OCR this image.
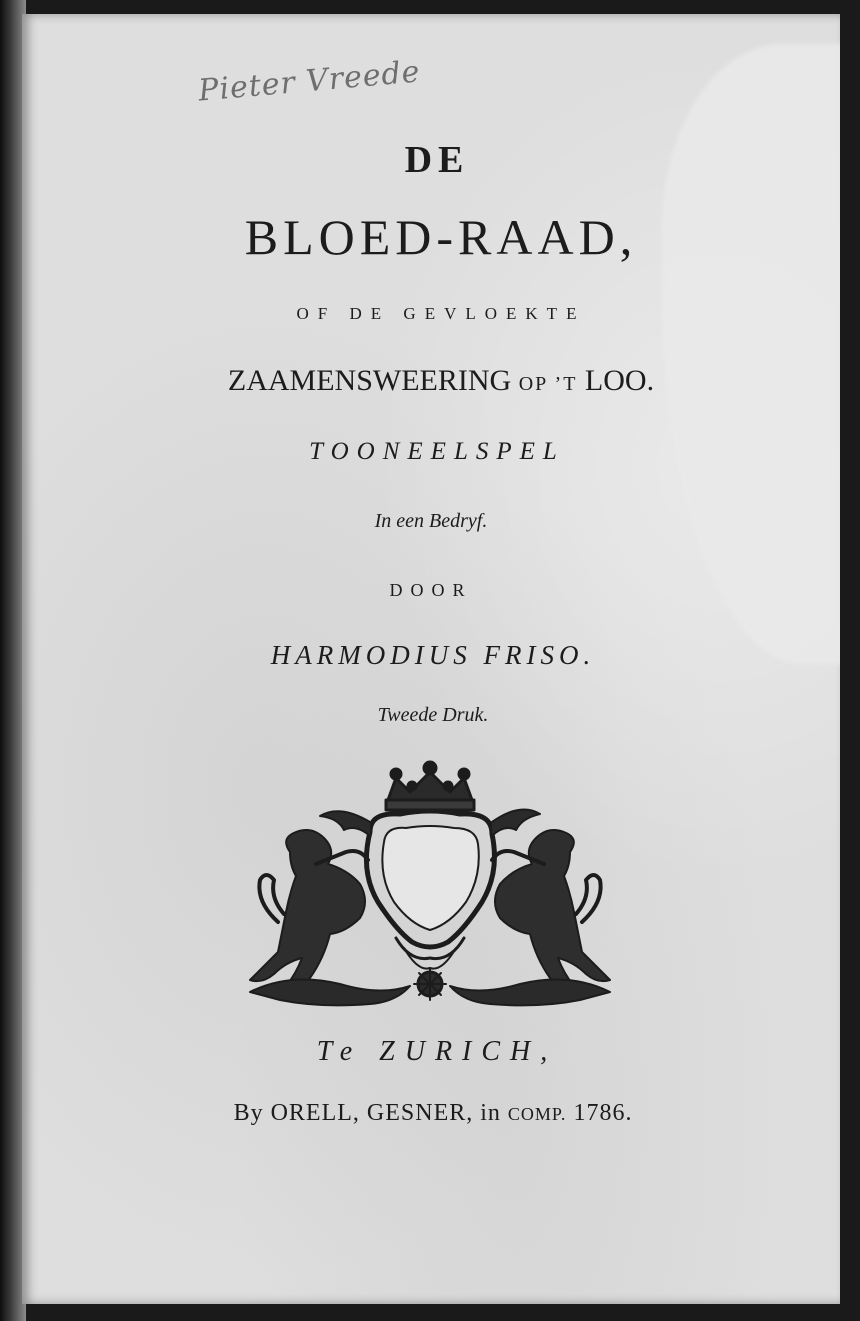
Pieter Vreede
DE
BLOED-RAAD,
OF DE GEVLOEKTE
ZAAMENSWEERING OP ’T LOO.
TOONEELSPEL
In een Bedryf.
DOOR
HARMODIUS FRISO.
Tweede Druk.
Te ZURICH,
By ORELL, GESNER, in COMP. 1786.
